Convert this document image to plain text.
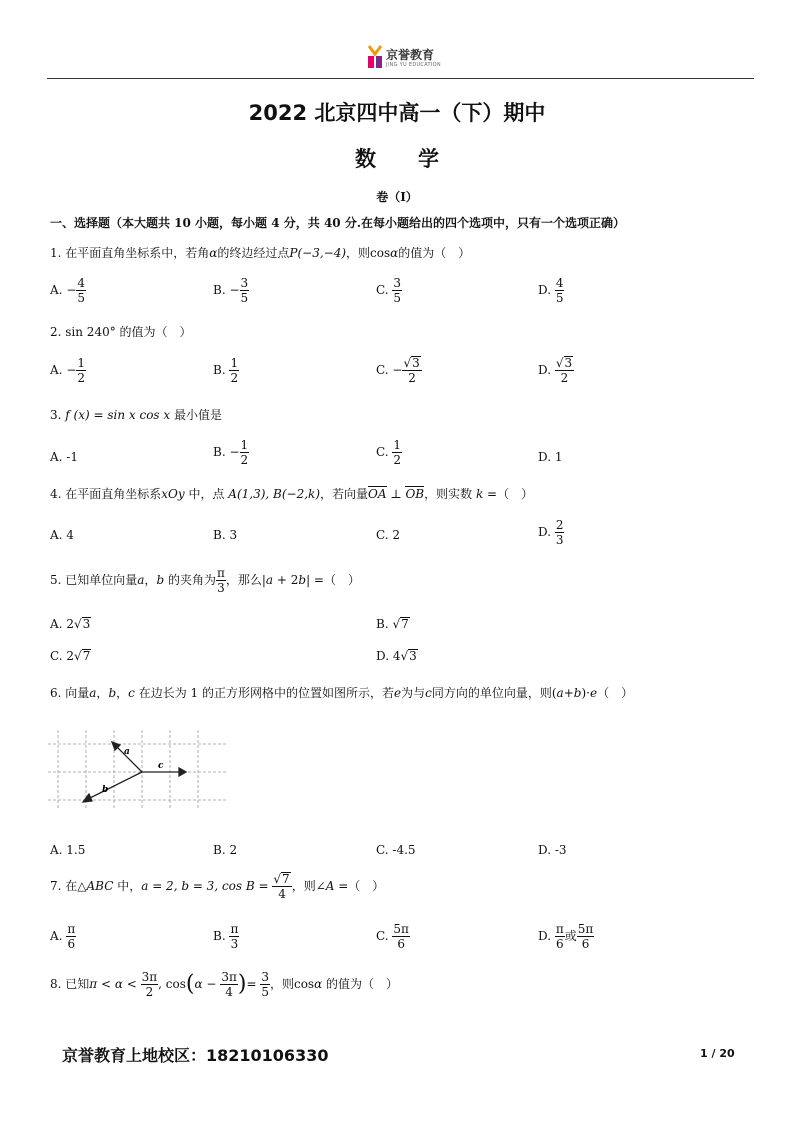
京誉教育
JING YU EDUCATION
2022 北京四中高一（下）期中
数　　学
卷（I）
一、选择题（本大题共 10 小题，每小题 4 分，共 40 分.在每小题给出的四个选项中，只有一个选项正确）
1. 在平面直角坐标系中，若角α的终边经过点P(−3,−4)，则cosα的值为（　）
A. − $\frac{4}{5}$	B. − $\frac{3}{5}$	C. $\frac{3}{5}$	D. $\frac{4}{5}$
2. sin 240° 的值为（　）
A. − $\frac{1}{2}$	B. $\frac{1}{2}$	C. − $\frac{√3}{2}$	D. $\frac{√3}{2}$
3. f (x) = sin x cos x 最小值是
A. -1	B. − $\frac{1}{2}$	C. $\frac{1}{2}$	D. 1
4. 在平面直角坐标系xOy 中，点 A(1,3), B(−2,k)，若向量OA ⊥ OB，则实数 k =（　）
A. 4	B. 3	C. 2	D. $\frac{2}{3}$
5. 已知单位向量a，b 的夹角为 $\frac{\pi}{3}$ ，那么|a + 2b| =（　）
A. 2√3	B. √7
C. 2√7	D. 4√3
6. 向量a，b，c 在边长为 1 的正方形网格中的位置如图所示，若e为与c同方向的单位向量，则(a+b)·e（　）
a
b
c
A. 1.5	B. 2	C. -4.5	D. -3
7. 在△ABC 中，a = 2, b = 3, $\cos B = \frac{√7}{4}$ ，则∠A =（　）
A. $\frac{\pi}{6}$	B. $\frac{\pi}{3}$	C. $\frac{5\pi}{6}$	D. $\frac{\pi}{6}$ 或 $\frac{5\pi}{6}$
8. 已知$\pi < \alpha < \frac{3\pi}{2}$ , $\cos(\alpha - \frac{3\pi}{4}$ )= $\frac{3}{5}$ ，则cosα 的值为（　）
京誉教育上地校区：18210106330	1 / 20
